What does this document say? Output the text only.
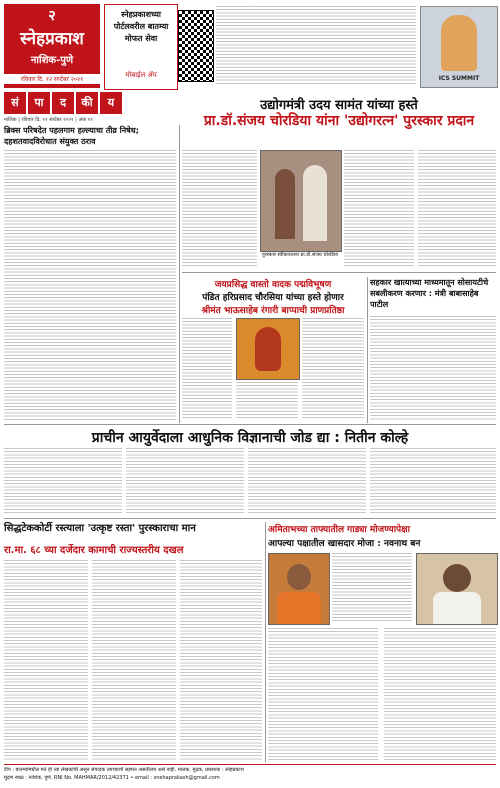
२
स्नेहप्रकाश
नाशिक-पुणे
रविवार दि. १२ सप्टेंबर २०२१
स्नेहप्रकाशच्या पोर्टलवरील बातम्या मोफत सेवा
मोबाईल ॲप	ICS SUMMIT
सं	पा	द	की	य
नाशिक | रविवार दि. १२ सप्टेंबर २०२१ | अंक ११
ब्रिक्स परिषदेत पहलगाम हल्ल्याचा तीव्र निषेध; दहशतवादविरोधात संयुक्त ठराव
उद्योगमंत्री उदय सामंत यांच्या हस्ते
प्रा.डॉ.संजय चोरडिया यांना 'उद्योगरत्न' पुरस्कार प्रदान
पुरस्कार स्वीकारताना प्रा.डॉ.संजय चोरडिया
जयप्रसिद्ध वास्तो वादक पद्मविभूषण
पंडित हरिप्रसाद चौरसिया यांच्या हस्ते होणार
श्रीमंत भाऊसाहेब रंगारी बाप्पाची प्राणप्रतिष्ठा
सहकार खात्याच्या माध्यमातून सोसायटीचे सबलीकरण करणार : मंत्री बाबासाहेब पाटील
प्राचीन आयुर्वेदाला आधुनिक विज्ञानाची जोड द्या : नितीन कोल्हे
सिद्धटेककोर्टी रस्त्याला 'उत्कृष्ट रस्ता' पुरस्काराचा मान
रा.मा. ६८ च्या दर्जेदार कामाची राज्यस्तरीय दखल
अमिताभच्या ताफ्यातील गाड्या मोजण्यापेक्षा
आपल्या पक्षातील खासदार मोजा : नवनाथ बन
टीप : बातम्यांमधील मते ही त्या लेखकांची असून संपादक त्याच्याशी सहमत असतीलच असे नाही. मालक, मुद्रक, प्रकाशक : स्नेहप्रकाश
मुद्रण स्थळ : नाशिक, पुणे. RNI No. MAHMAR/2012/42371 • email : snehaprakash@gmail.com
